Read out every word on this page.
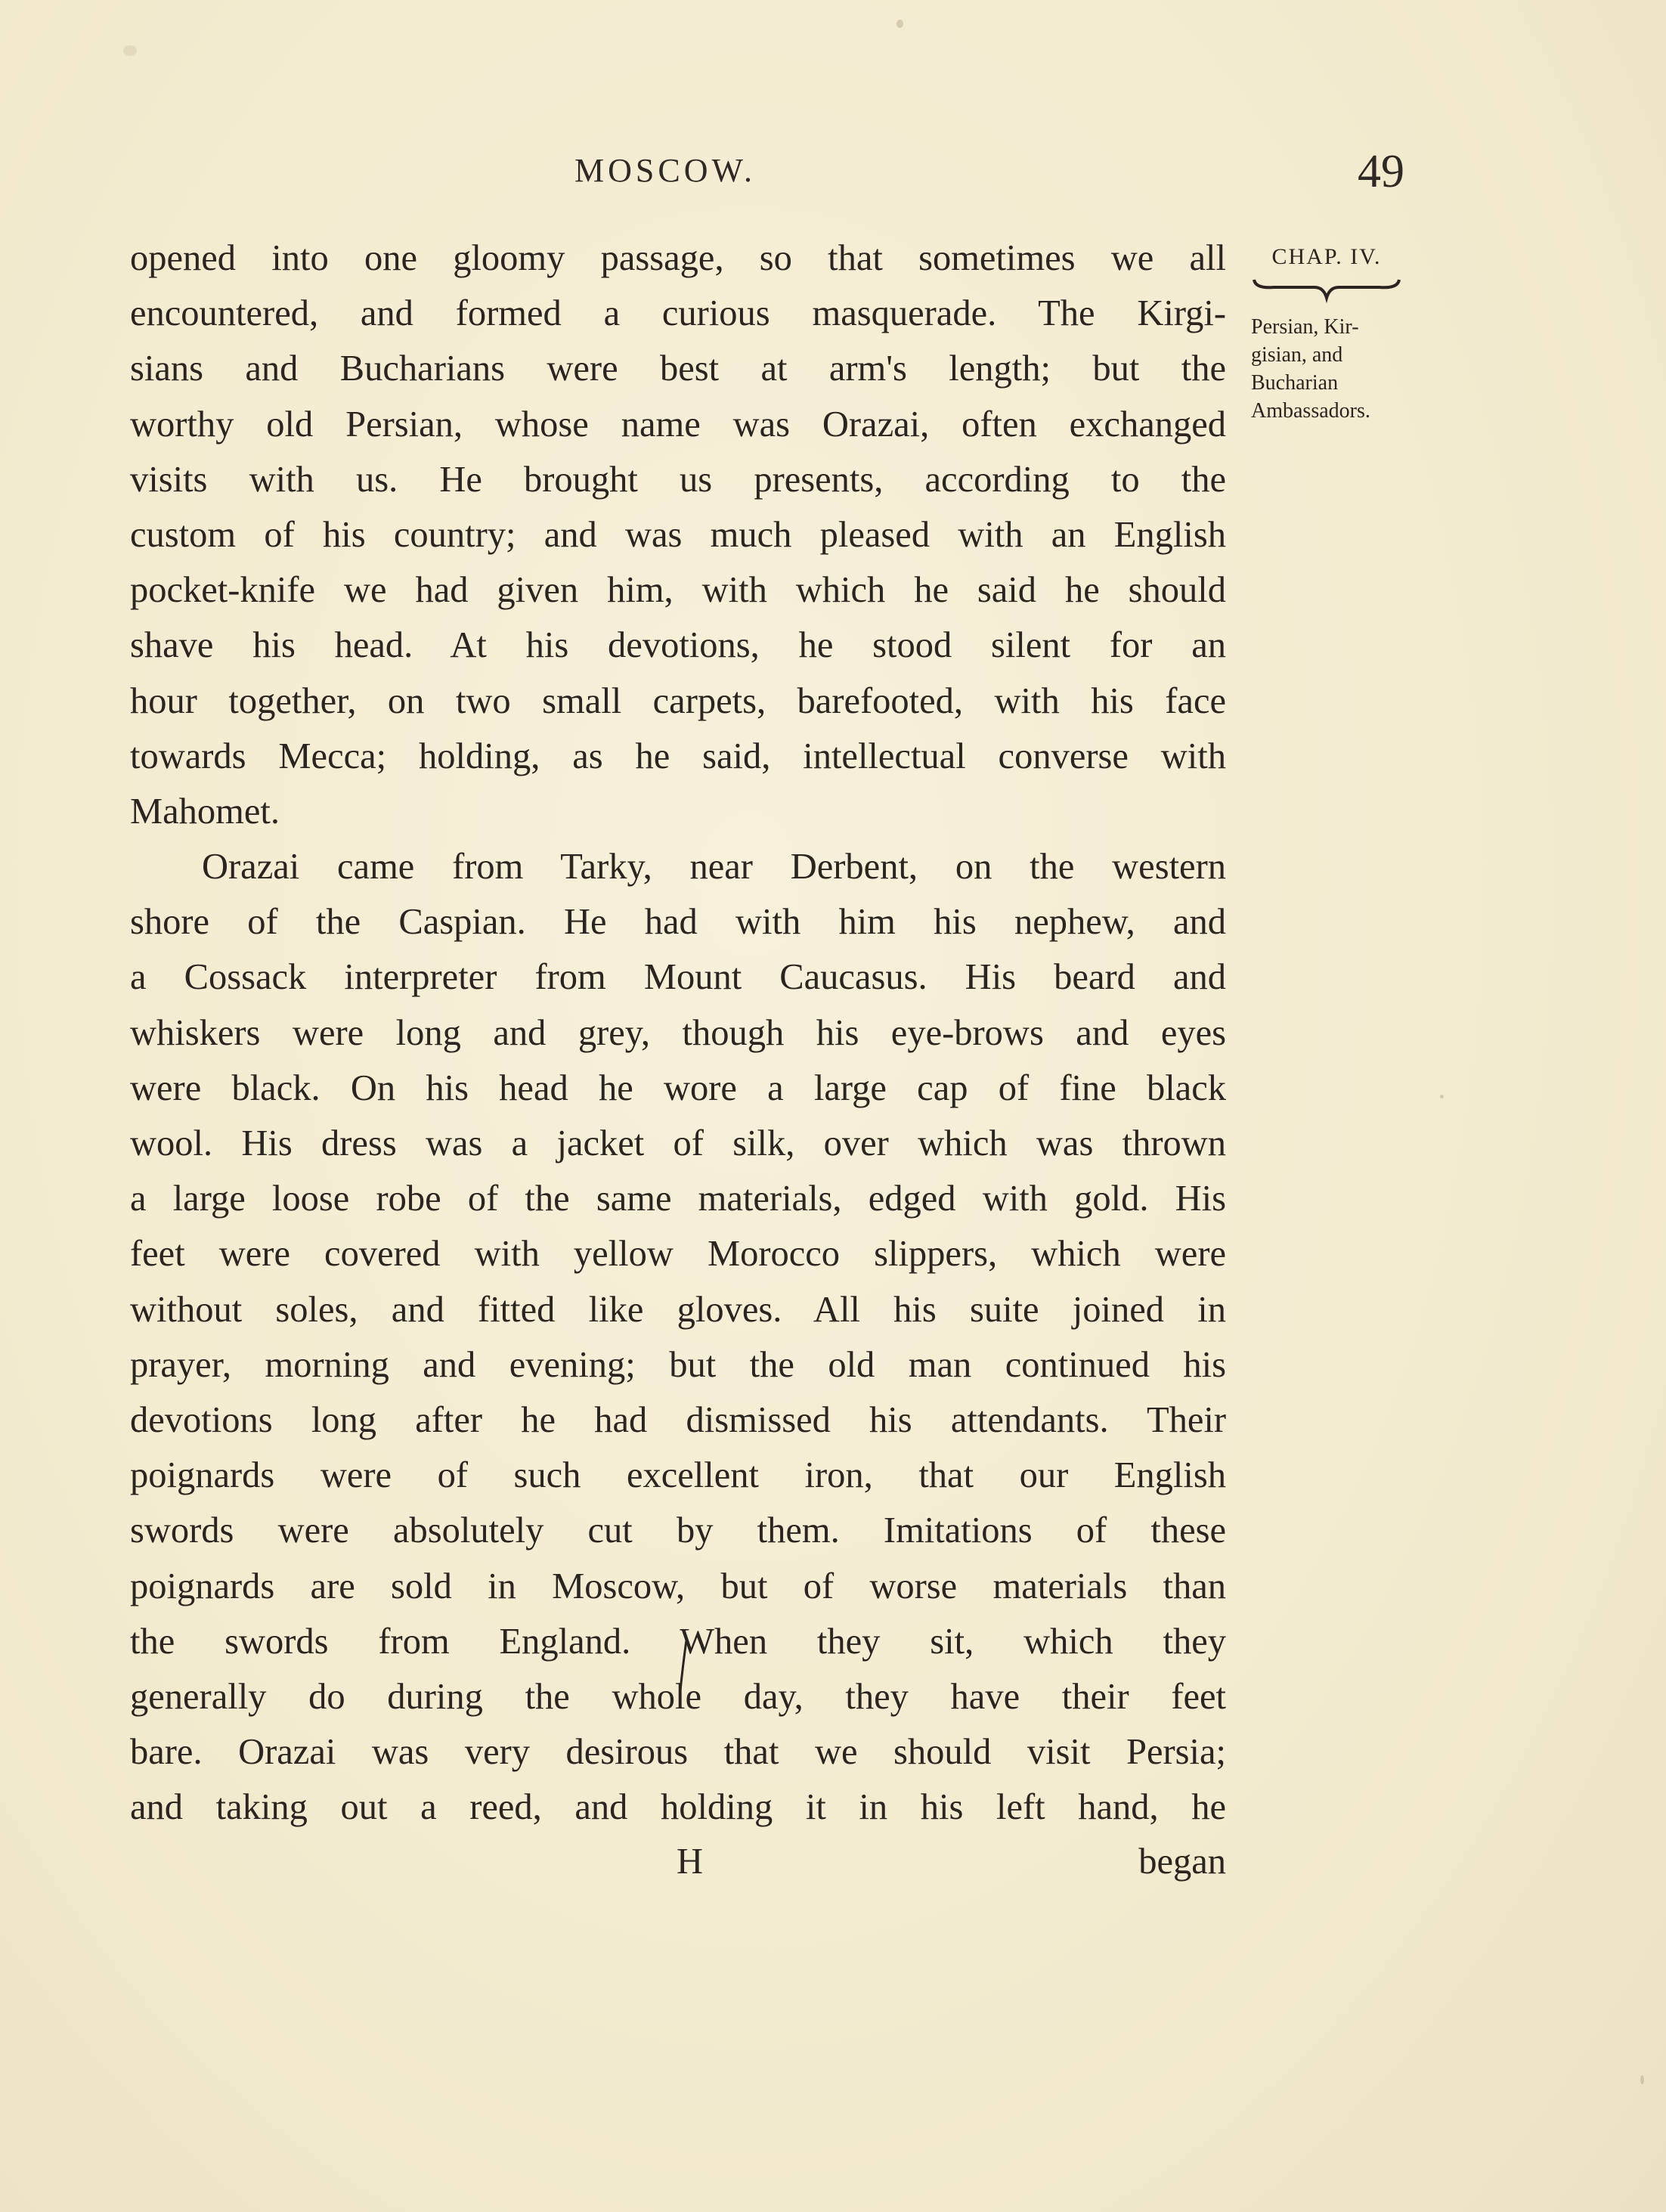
MOSCOW.	49
CHAP. IV.
Persian, Kir-
gisian, and
Bucharian
Ambassadors.
opened into one gloomy passage, so that sometimes we all
encountered, and formed a curious masquerade. The Kirgi-
sians and Bucharians were best at arm's length; but the
worthy old Persian, whose name was Orazai, often exchanged
visits with us. He brought us presents, according to the
custom of his country; and was much pleased with an English
pocket-knife we had given him, with which he said he should
shave his head. At his devotions, he stood silent for an
hour together, on two small carpets, barefooted, with his face
towards Mecca; holding, as he said, intellectual converse with
Mahomet.
Orazai came from Tarky, near Derbent, on the western
shore of the Caspian. He had with him his nephew, and
a Cossack interpreter from Mount Caucasus. His beard and
whiskers were long and grey, though his eye-brows and eyes
were black. On his head he wore a large cap of fine black
wool. His dress was a jacket of silk, over which was thrown
a large loose robe of the same materials, edged with gold. His
feet were covered with yellow Morocco slippers, which were
without soles, and fitted like gloves. All his suite joined in
prayer, morning and evening; but the old man continued his
devotions long after he had dismissed his attendants. Their
poignards were of such excellent iron, that our English
swords were absolutely cut by them. Imitations of these
poignards are sold in Moscow, but of worse materials than
the swords from England. When they sit, which they
generally do during the whole day, they have their feet
bare. Orazai was very desirous that we should visit Persia;
and taking out a reed, and holding it in his left hand, he
H	began
